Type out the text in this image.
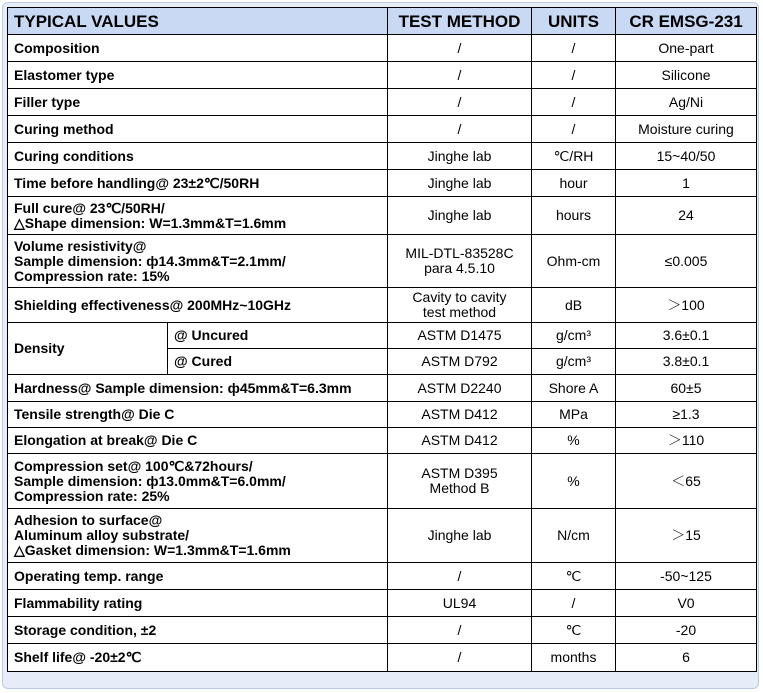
TYPICAL VALUES		TEST METHOD	UNITS	CR EMSG-231

Composition		/	/	One-part

Elastomer type		/	/	Silicone

Filler type		/	/	Ag/Ni

Curing method		/	/	Moisture curing

Curing conditions		Jinghe lab	℃/RH	15~40/50

Time before handling@ 23±2℃/50RH		Jinghe lab	hour	1

Full cure@ 23℃/50RH/
△Shape dimension: W=1.3mm&T=1.6mm		Jinghe lab	hours	24

Volume resistivity@
Sample dimension: ф14.3mm&T=2.1mm/
Compression rate: 15%		MIL-DTL-83528C
para 4.5.10	Ohm-cm	≤0.005

Shielding effectiveness@ 200MHz~10GHz		Cavity to cavity
test method	dB	＞100

Density	@ Uncured	ASTM D1475	g/cm³	3.6±0.1
	@ Cured	ASTM D792	g/cm³	3.8±0.1

Hardness@ Sample dimension: ф45mm&T=6.3mm		ASTM D2240	Shore A	60±5

Tensile strength@ Die C		ASTM D412	MPa	≥1.3

Elongation at break@ Die C		ASTM D412	%	＞110

Compression set@ 100℃&72hours/
Sample dimension: ф13.0mm&T=6.0mm/
Compression rate: 25%		ASTM D395
Method B	%	＜65

Adhesion to surface@
Aluminum alloy substrate/
△Gasket dimension: W=1.3mm&T=1.6mm		Jinghe lab	N/cm	＞15

Operating temp. range		/	℃	-50~125

Flammability rating		UL94	/	V0

Storage condition, ±2		/	℃	-20

Shelf life@ -20±2℃		/	months	6
